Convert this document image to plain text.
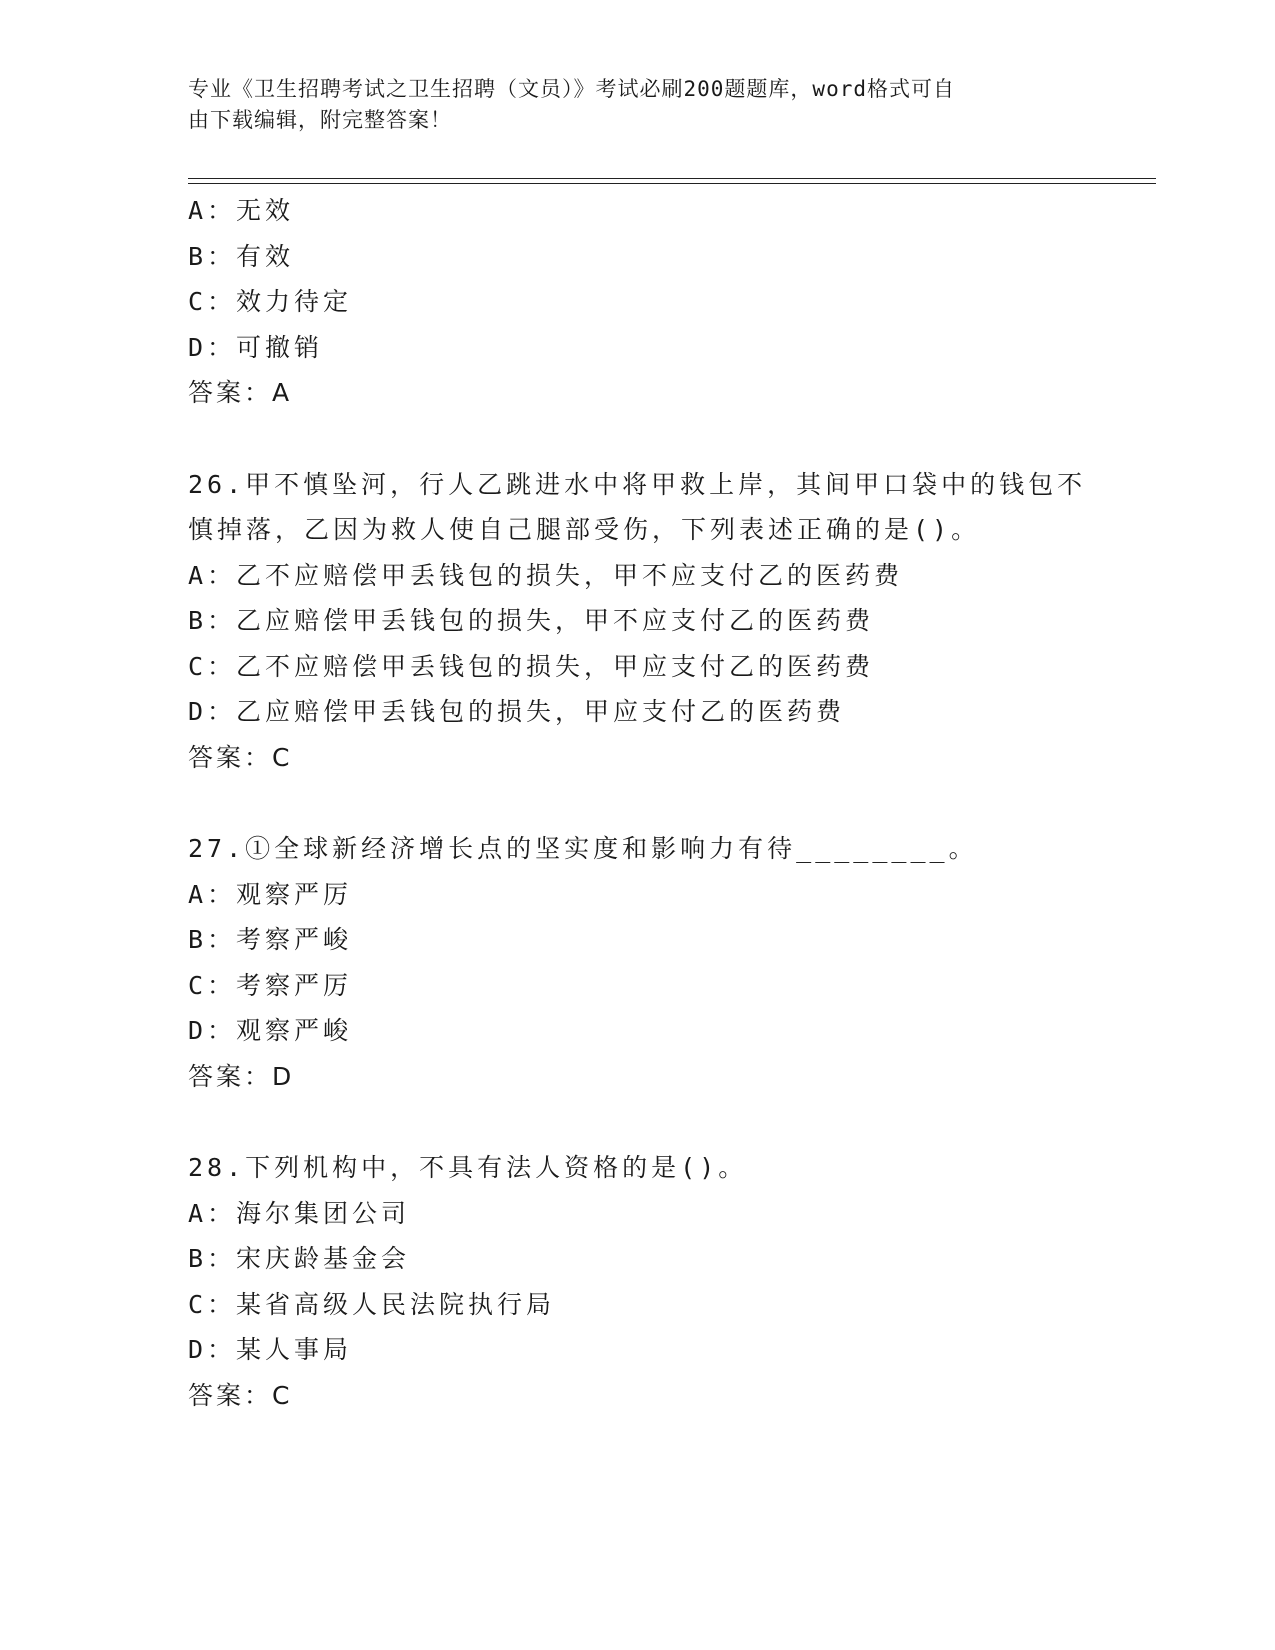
专业《卫生招聘考试之卫生招聘（文员）》考试必刷200题题库，word格式可自
由下载编辑，附完整答案！
A：无效
B：有效
C：效力待定
D：可撤销
答案：A
26.甲不慎坠河，行人乙跳进水中将甲救上岸，其间甲口袋中的钱包不
慎掉落，乙因为救人使自己腿部受伤，下列表述正确的是()。
A：乙不应赔偿甲丢钱包的损失，甲不应支付乙的医药费
B：乙应赔偿甲丢钱包的损失，甲不应支付乙的医药费
C：乙不应赔偿甲丢钱包的损失，甲应支付乙的医药费
D：乙应赔偿甲丢钱包的损失，甲应支付乙的医药费
答案：C
27.①全球新经济增长点的坚实度和影响力有待________。
A：观察严厉
B：考察严峻
C：考察严厉
D：观察严峻
答案：D
28.下列机构中，不具有法人资格的是()。
A：海尔集团公司
B：宋庆龄基金会
C：某省高级人民法院执行局
D：某人事局
答案：C
